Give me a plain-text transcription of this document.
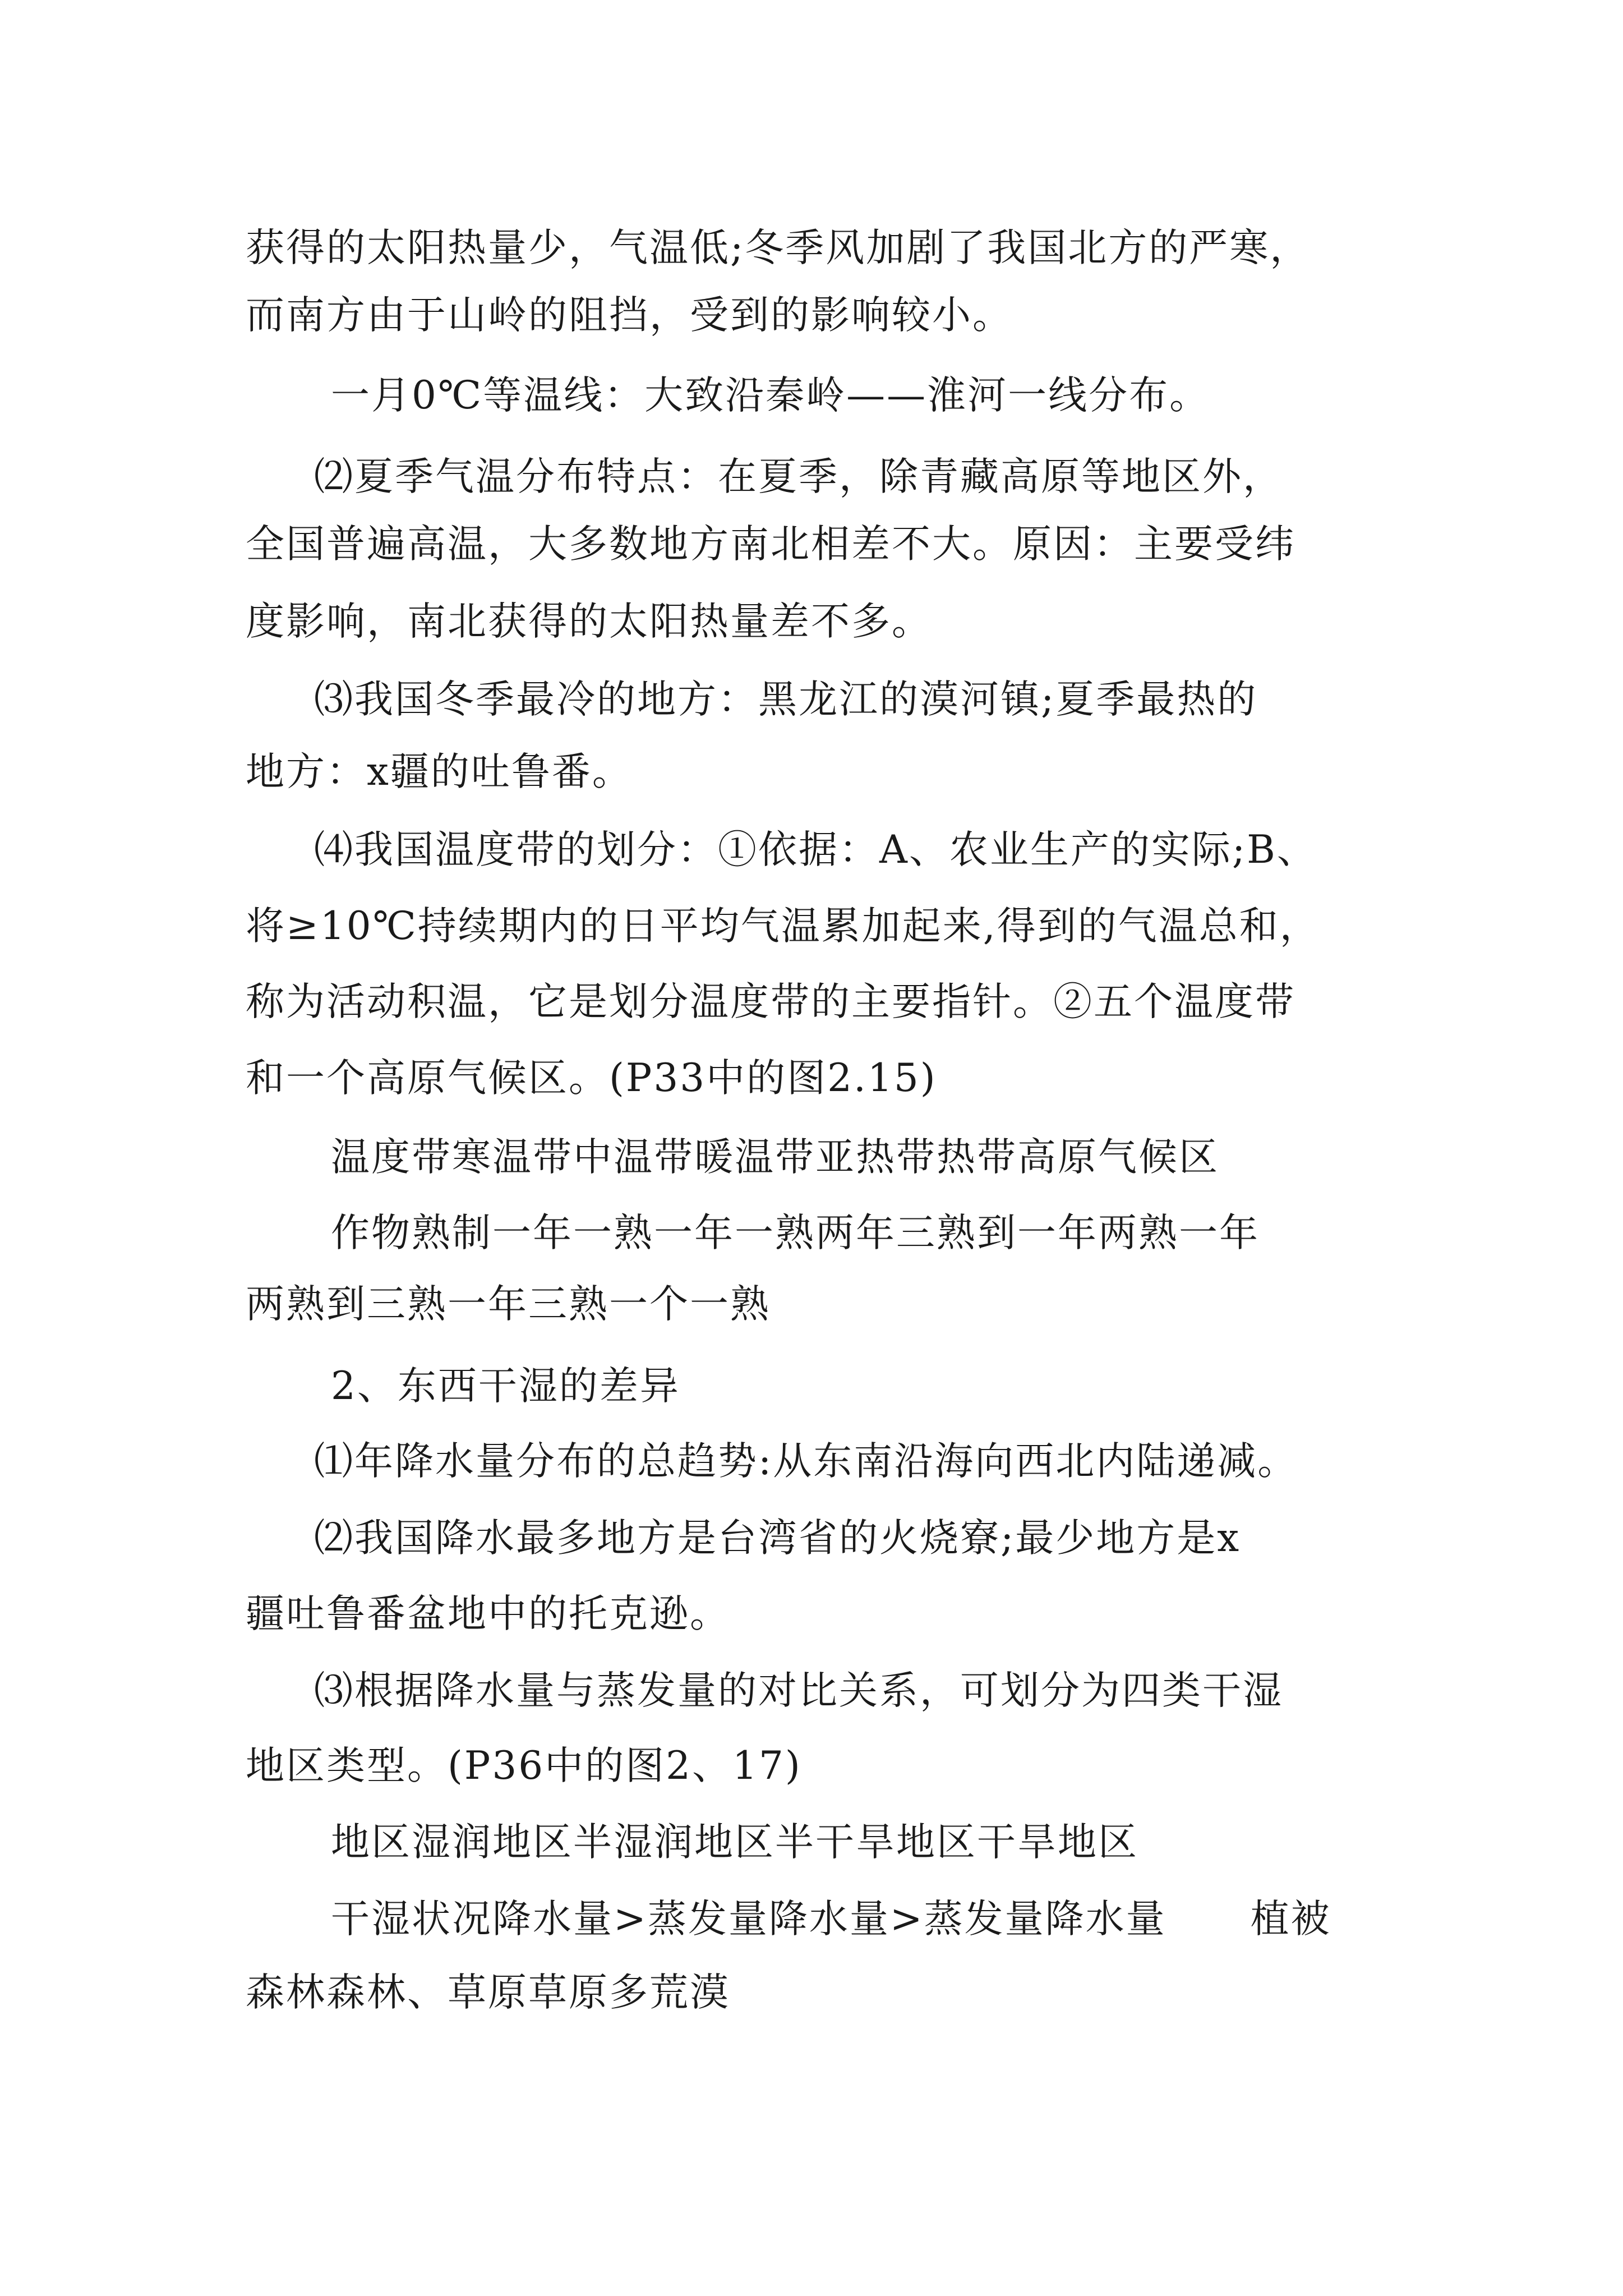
获得的太阳热量少，气温低;冬季风加剧了我国北方的严寒，
而南方由于山岭的阻挡，受到的影响较小。
一月0℃等温线：大致沿秦岭——淮河一线分布。
⑵夏季气温分布特点：在夏季，除青藏高原等地区外，
全国普遍高温，大多数地方南北相差不大。原因：主要受纬
度影响，南北获得的太阳热量差不多。
⑶我国冬季最冷的地方：黑龙江的漠河镇;夏季最热的
地方：x疆的吐鲁番。
⑷我国温度带的划分：①依据：A、农业生产的实际;B、
将≥10℃持续期内的日平均气温累加起来,得到的气温总和，
称为活动积温，它是划分温度带的主要指针。②五个温度带
和一个高原气候区。(P33中的图2.15)
温度带寒温带中温带暖温带亚热带热带高原气候区
作物熟制一年一熟一年一熟两年三熟到一年两熟一年
两熟到三熟一年三熟一个一熟
2、东西干湿的差异
⑴年降水量分布的总趋势:从东南沿海向西北内陆递减。
⑵我国降水最多地方是台湾省的火烧寮;最少地方是x
疆吐鲁番盆地中的托克逊。
⑶根据降水量与蒸发量的对比关系，可划分为四类干湿
地区类型。(P36中的图2、17)
地区湿润地区半湿润地区半干旱地区干旱地区
干湿状况降水量>蒸发量降水量>蒸发量降水量 植被
森林森林、草原草原多荒漠
